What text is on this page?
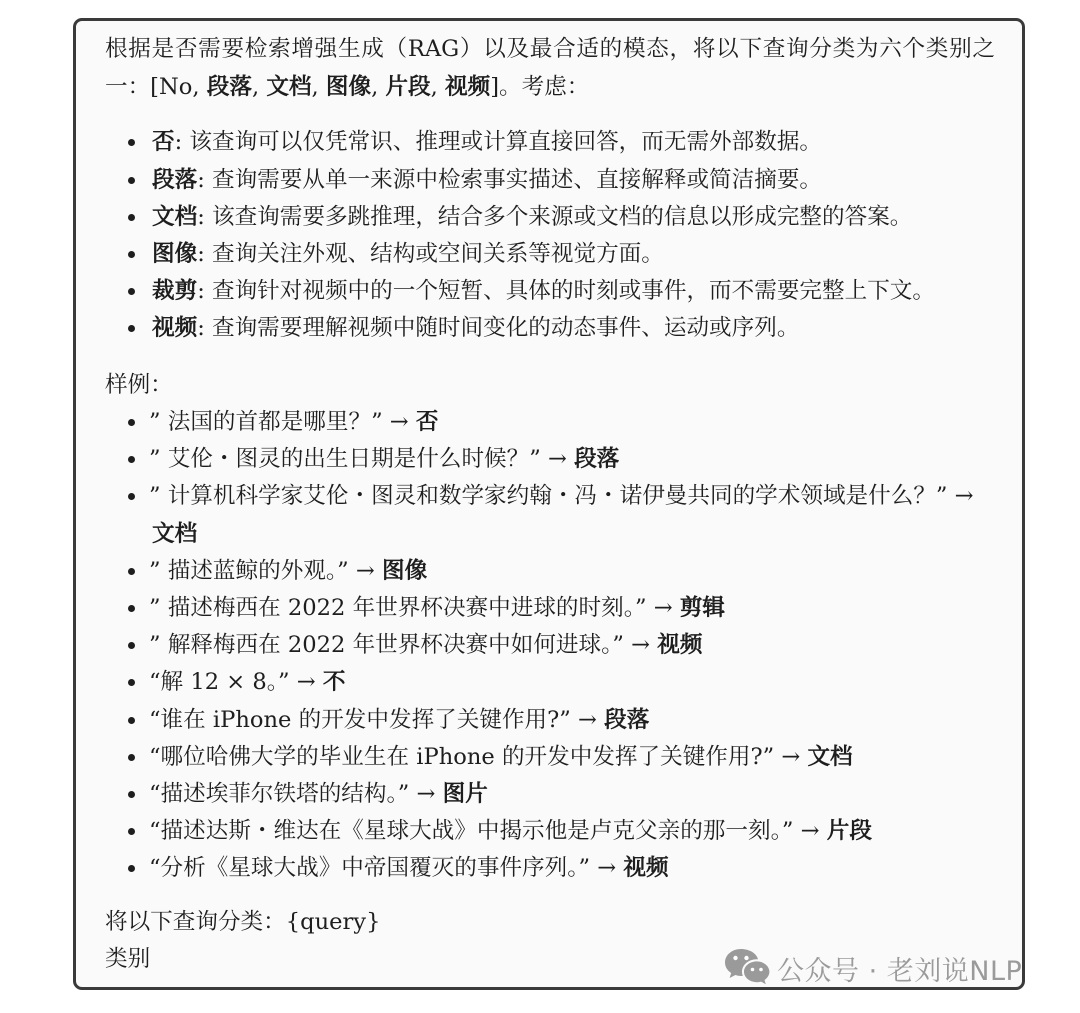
根据是否需要检索增强生成（RAG）以及最合适的模态，将以下查询分类为六个类别之
一：[No, 段落, 文档, 图像, 片段, 视频]。考虑：
否: 该查询可以仅凭常识、推理或计算直接回答，而无需外部数据。
段落: 查询需要从单一来源中检索事实描述、直接解释或简洁摘要。
文档: 该查询需要多跳推理，结合多个来源或文档的信息以形成完整的答案。
图像: 查询关注外观、结构或空间关系等视觉方面。
裁剪: 查询针对视频中的一个短暂、具体的时刻或事件，而不需要完整上下文。
视频: 查询需要理解视频中随时间变化的动态事件、运动或序列。
样例：
” 法国的首都是哪里？” → 否
” 艾伦・图灵的出生日期是什么时候？” → 段落
” 计算机科学家艾伦・图灵和数学家约翰・冯・诺伊曼共同的学术领域是什么？” →
文档
” 描述蓝鲸的外观。” → 图像
” 描述梅西在 2022 年世界杯决赛中进球的时刻。” → 剪辑
” 解释梅西在 2022 年世界杯决赛中如何进球。” → 视频
“解 12 × 8。” → 不
“谁在 iPhone 的开发中发挥了关键作用?” → 段落
“哪位哈佛大学的毕业生在 iPhone 的开发中发挥了关键作用?” → 文档
“描述埃菲尔铁塔的结构。” → 图片
“描述达斯・维达在《星球大战》中揭示他是卢克父亲的那一刻。” → 片段
“分析《星球大战》中帝国覆灭的事件序列。” → 视频
将以下查询分类：{query}
类别	公众号 · 老刘说NLP
